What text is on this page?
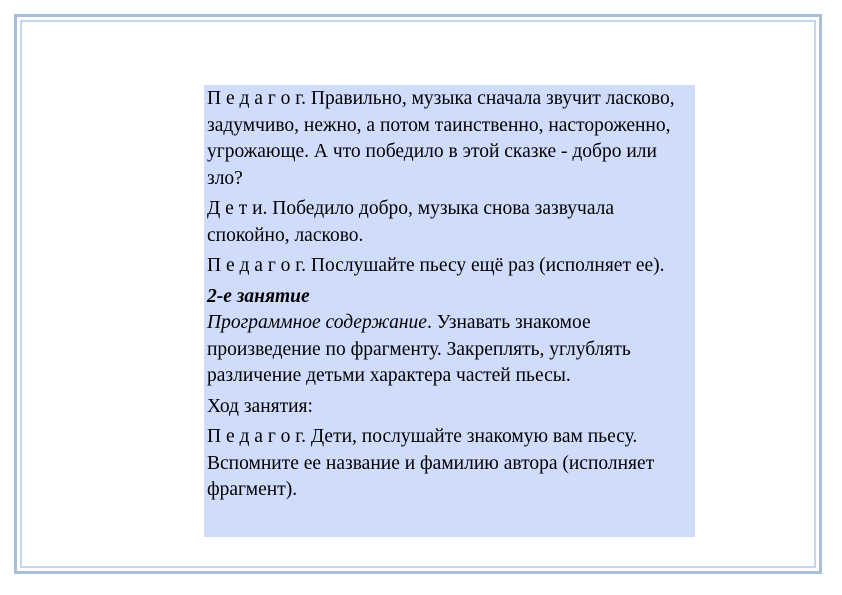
П е д а г о г. Правильно, музыка сначала звучит ласково, задумчиво, нежно, а потом таинственно, настороженно, угрожающе. А что победило в этой сказке - добро или зло?

Д е т и. Победило добро, музыка снова зазвучала спокойно, ласково.

П е д а г о г. Послушайте пьесу ещё раз (исполняет ее).

2-е занятие
Программное содержание. Узнавать знакомое произведение по фрагменту. Закреплять, углублять различение детьми характера частей пьесы.

Ход занятия:

П е д а г о г. Дети, послушайте знакомую вам пьесу. Вспомните ее название и фамилию автора (исполняет фрагмент).
